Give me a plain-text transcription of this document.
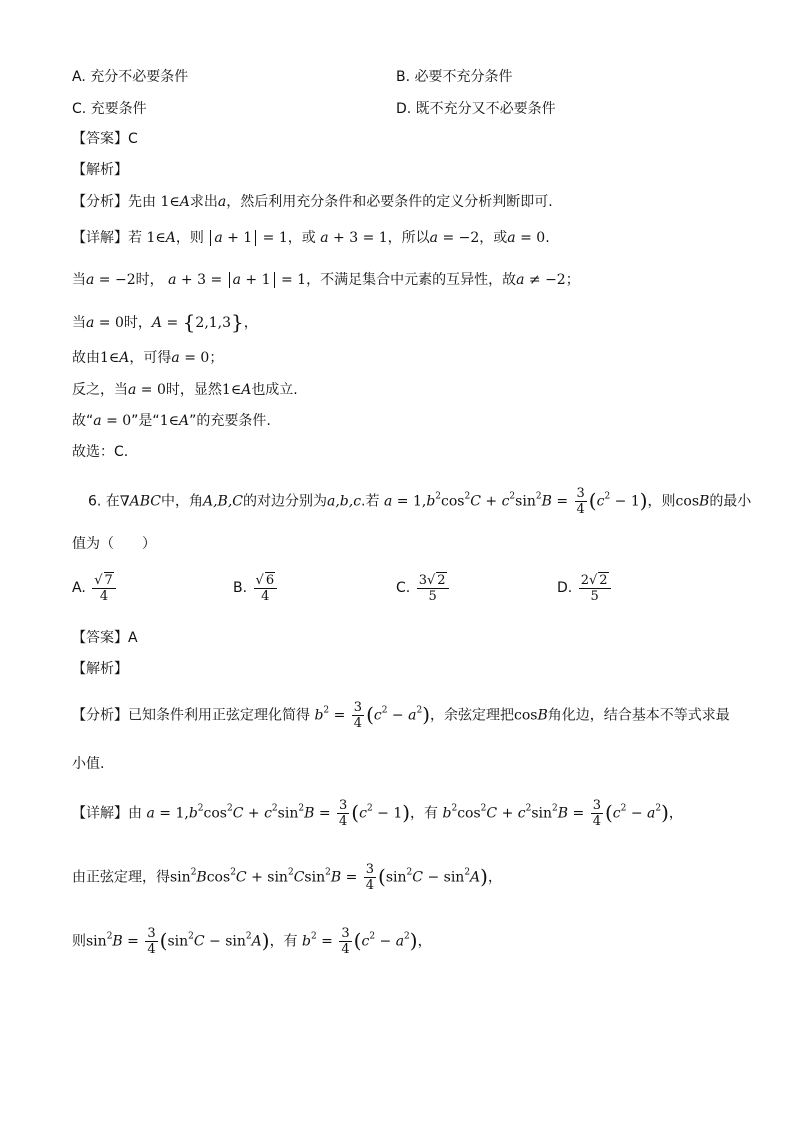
A. 充分不必要条件	B. 必要不充分条件
C. 充要条件	D. 既不充分又不必要条件
【答案】C
【解析】
【分析】先由 1∈A求出a，然后利用充分条件和必要条件的定义分析判断即可.
【详解】若 1∈A，则 a + 1 = 1，或 a + 3 = 1，所以a = −2，或a = 0.
当a = −2时， a + 3 = a + 1 = 1，不满足集合中元素的互异性，故a ≠ −2；
当a = 0时，A = {2,1,3}，
故由1∈A，可得a = 0；
反之，当a = 0时，显然1∈A也成立.
故“a = 0”是“1∈A”的充要条件.
故选：C.
6. 在∇ABC中，角A,B,C的对边分别为a,b,c.若 $a = 1,b^2\cos^2C + c^2\sin^2B = \frac{3}{4} (c^2 - 1)$，则cosB的最小
值为（　　）
A. $\frac{√ 7}{4}$	B. $\frac{√ 6}{4}$	C. $\frac{3√ 2}{5}$	D. $\frac{2√ 2}{5}$
【答案】A
【解析】
【分析】已知条件利用正弦定理化简得 $b^2 = \frac{3}{4} (c^2 - a^2)$，余弦定理把cosB角化边，结合基本不等式求最
小值.
【详解】由 $a = 1,b^2\cos^2C + c^2\sin^2B = \frac{3}{4} (c^2 - 1)$，有 $b^2\cos^2C + c^2\sin^2B = \frac{3}{4} (c^2 - a^2)$，
由正弦定理，得$\sin^2Bcos^2C + \sin^2Csin^2B = \frac{3}{4} (\sin^2C - \sin^2A)$，
则$\sin^2B = \frac{3}{4} (\sin^2C - \sin^2A)$，有 $b^2 = \frac{3}{4} (c^2 - a^2)$，
